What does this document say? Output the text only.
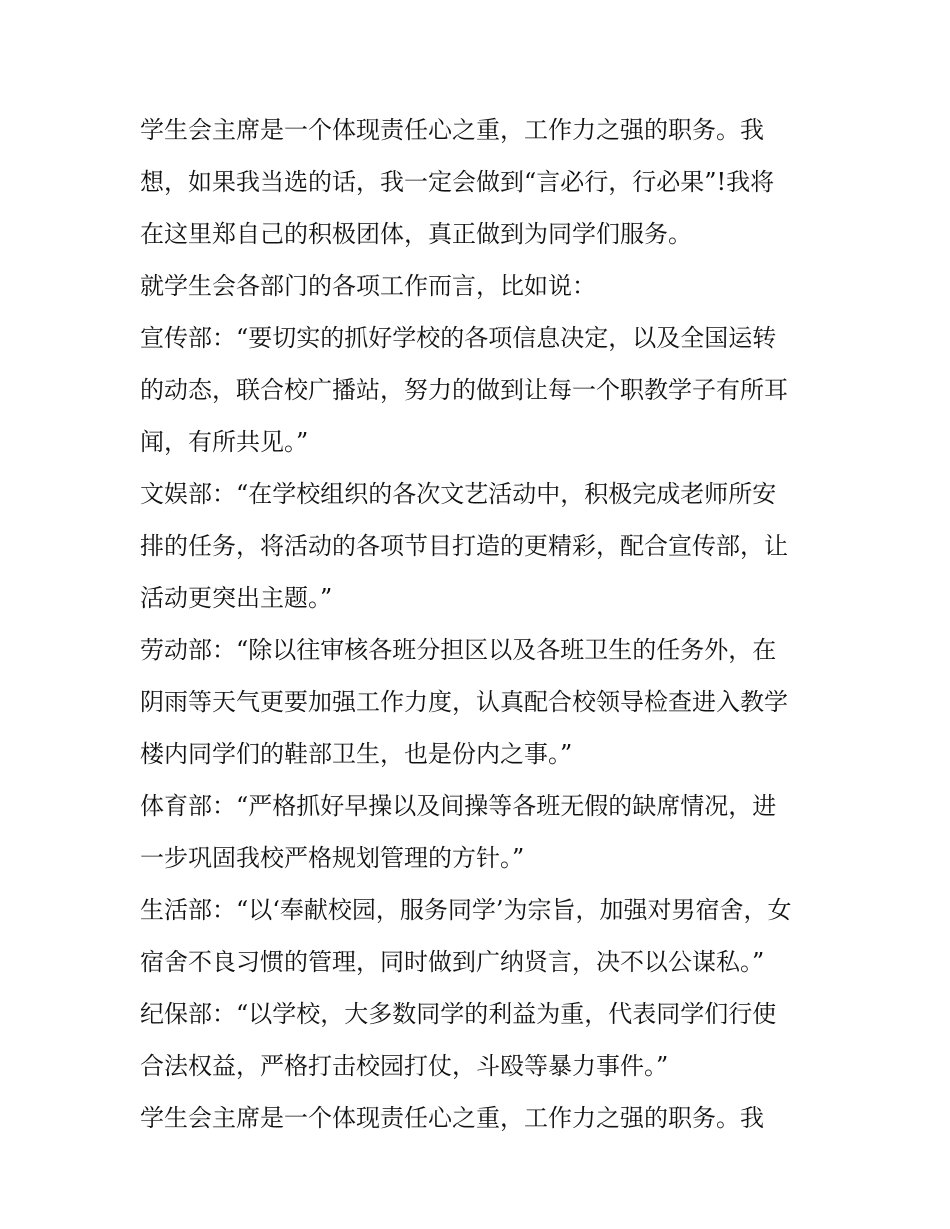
学生会主席是一个体现责任心之重，工作力之强的职务。我
想，如果我当选的话，我一定会做到“言必行，行必果”!我将
在这里郑自己的积极团体，真正做到为同学们服务。
就学生会各部门的各项工作而言，比如说：
宣传部：“要切实的抓好学校的各项信息决定，以及全国运转
的动态，联合校广播站，努力的做到让每一个职教学子有所耳
闻，有所共见。”
文娱部：“在学校组织的各次文艺活动中，积极完成老师所安
排的任务，将活动的各项节目打造的更精彩，配合宣传部，让
活动更突出主题。”
劳动部：“除以往审核各班分担区以及各班卫生的任务外，在
阴雨等天气更要加强工作力度，认真配合校领导检查进入教学
楼内同学们的鞋部卫生，也是份内之事。”
体育部：“严格抓好早操以及间操等各班无假的缺席情况，进
一步巩固我校严格规划管理的方针。”
生活部：“以‘奉献校园，服务同学’为宗旨，加强对男宿舍，女
宿舍不良习惯的管理，同时做到广纳贤言，决不以公谋私。”
纪保部：“以学校，大多数同学的利益为重，代表同学们行使
合法权益，严格打击校园打仗，斗殴等暴力事件。”
学生会主席是一个体现责任心之重，工作力之强的职务。我
